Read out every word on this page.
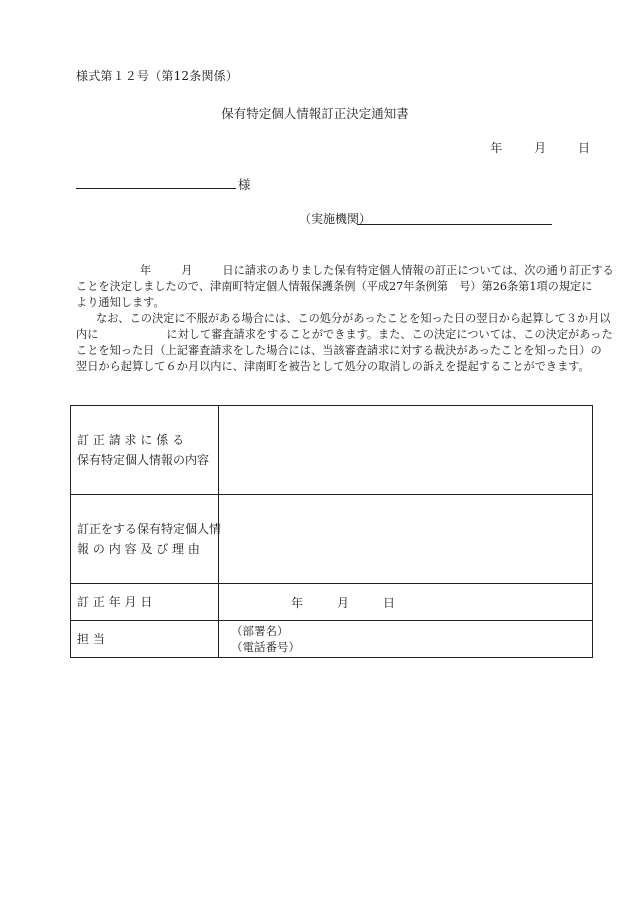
様式第１２号（第12条関係）
保有特定個人情報訂正決定通知書
年	月	日
様
（実施機関）
年	月	日に請求のありました保有特定個人情報の訂正については、次の通り訂正する
ことを決定しましたので、津南町特定個人情報保護条例（平成27年条例第　号）第26条第1項の規定に
より通知します。
なお、この決定に不服がある場合には、この処分があったことを知った日の翌日から起算して３か月以
内に	に対して審査請求をすることができます。また、この決定については、この決定があった
ことを知った日（上記審査請求をした場合には、当該審査請求に対する裁決があったことを知った日）の
翌日から起算して６か月以内に、津南町を被告として処分の取消しの訴えを提起することができます。
訂 正 請 求 に 係 る
保有特定個人情報の内容	

訂正をする保有特定個人情
報 の 内 容 及 び 理 由	

訂 正 年 月 日	年 月 日

担 当	（部署名）
（電話番号）
